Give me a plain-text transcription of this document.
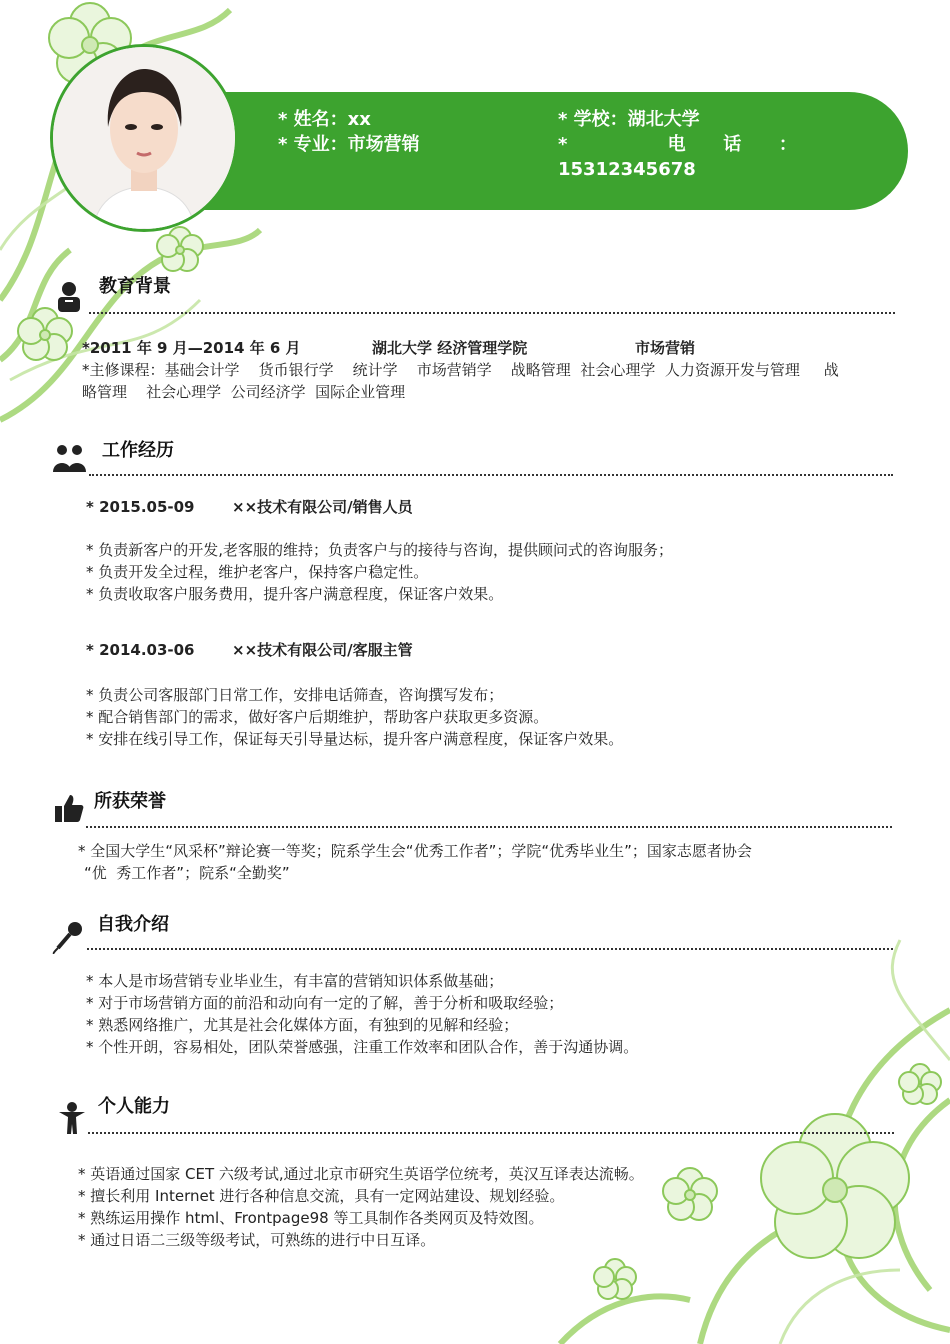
* 姓名：xx
* 专业：市场营销
* 学校：湖北大学
*                电      话      ：
15312345678
教育背景
*2011 年 9 月—2014 年 6 月	湖北大学 经济管理学院	市场营销
*主修课程：基础会计学    货币银行学    统计学    市场营销学    战略管理  社会心理学  人力资源开发与管理     战
略管理    社会心理学  公司经济学  国际企业管理
工作经历
* 2015.05-09	××技术有限公司/销售人员
* 负责新客户的开发,老客服的维持；负责客户与的接待与咨询，提供顾问式的咨询服务；
* 负责开发全过程，维护老客户，保持客户稳定性。
* 负责收取客户服务费用，提升客户满意程度，保证客户效果。
* 2014.03-06	××技术有限公司/客服主管
* 负责公司客服部门日常工作，安排电话筛查，咨询撰写发布；
* 配合销售部门的需求，做好客户后期维护，帮助客户获取更多资源。
* 安排在线引导工作，保证每天引导量达标，提升客户满意程度，保证客户效果。
所获荣誉
* 全国大学生“风采杯”辩论赛一等奖；院系学生会“优秀工作者”；学院“优秀毕业生”；国家志愿者协会
“优  秀工作者”；院系“全勤奖”
自我介绍
* 本人是市场营销专业毕业生，有丰富的营销知识体系做基础；
* 对于市场营销方面的前沿和动向有一定的了解，善于分析和吸取经验；
* 熟悉网络推广，尤其是社会化媒体方面，有独到的见解和经验；
* 个性开朗，容易相处，团队荣誉感强，注重工作效率和团队合作，善于沟通协调。
个人能力
* 英语通过国家 CET 六级考试,通过北京市研究生英语学位统考，英汉互译表达流畅。
* 擅长利用 Internet 进行各种信息交流，具有一定网站建设、规划经验。
* 熟练运用操作 html、Frontpage98 等工具制作各类网页及特效图。
* 通过日语二三级等级考试，可熟练的进行中日互译。
